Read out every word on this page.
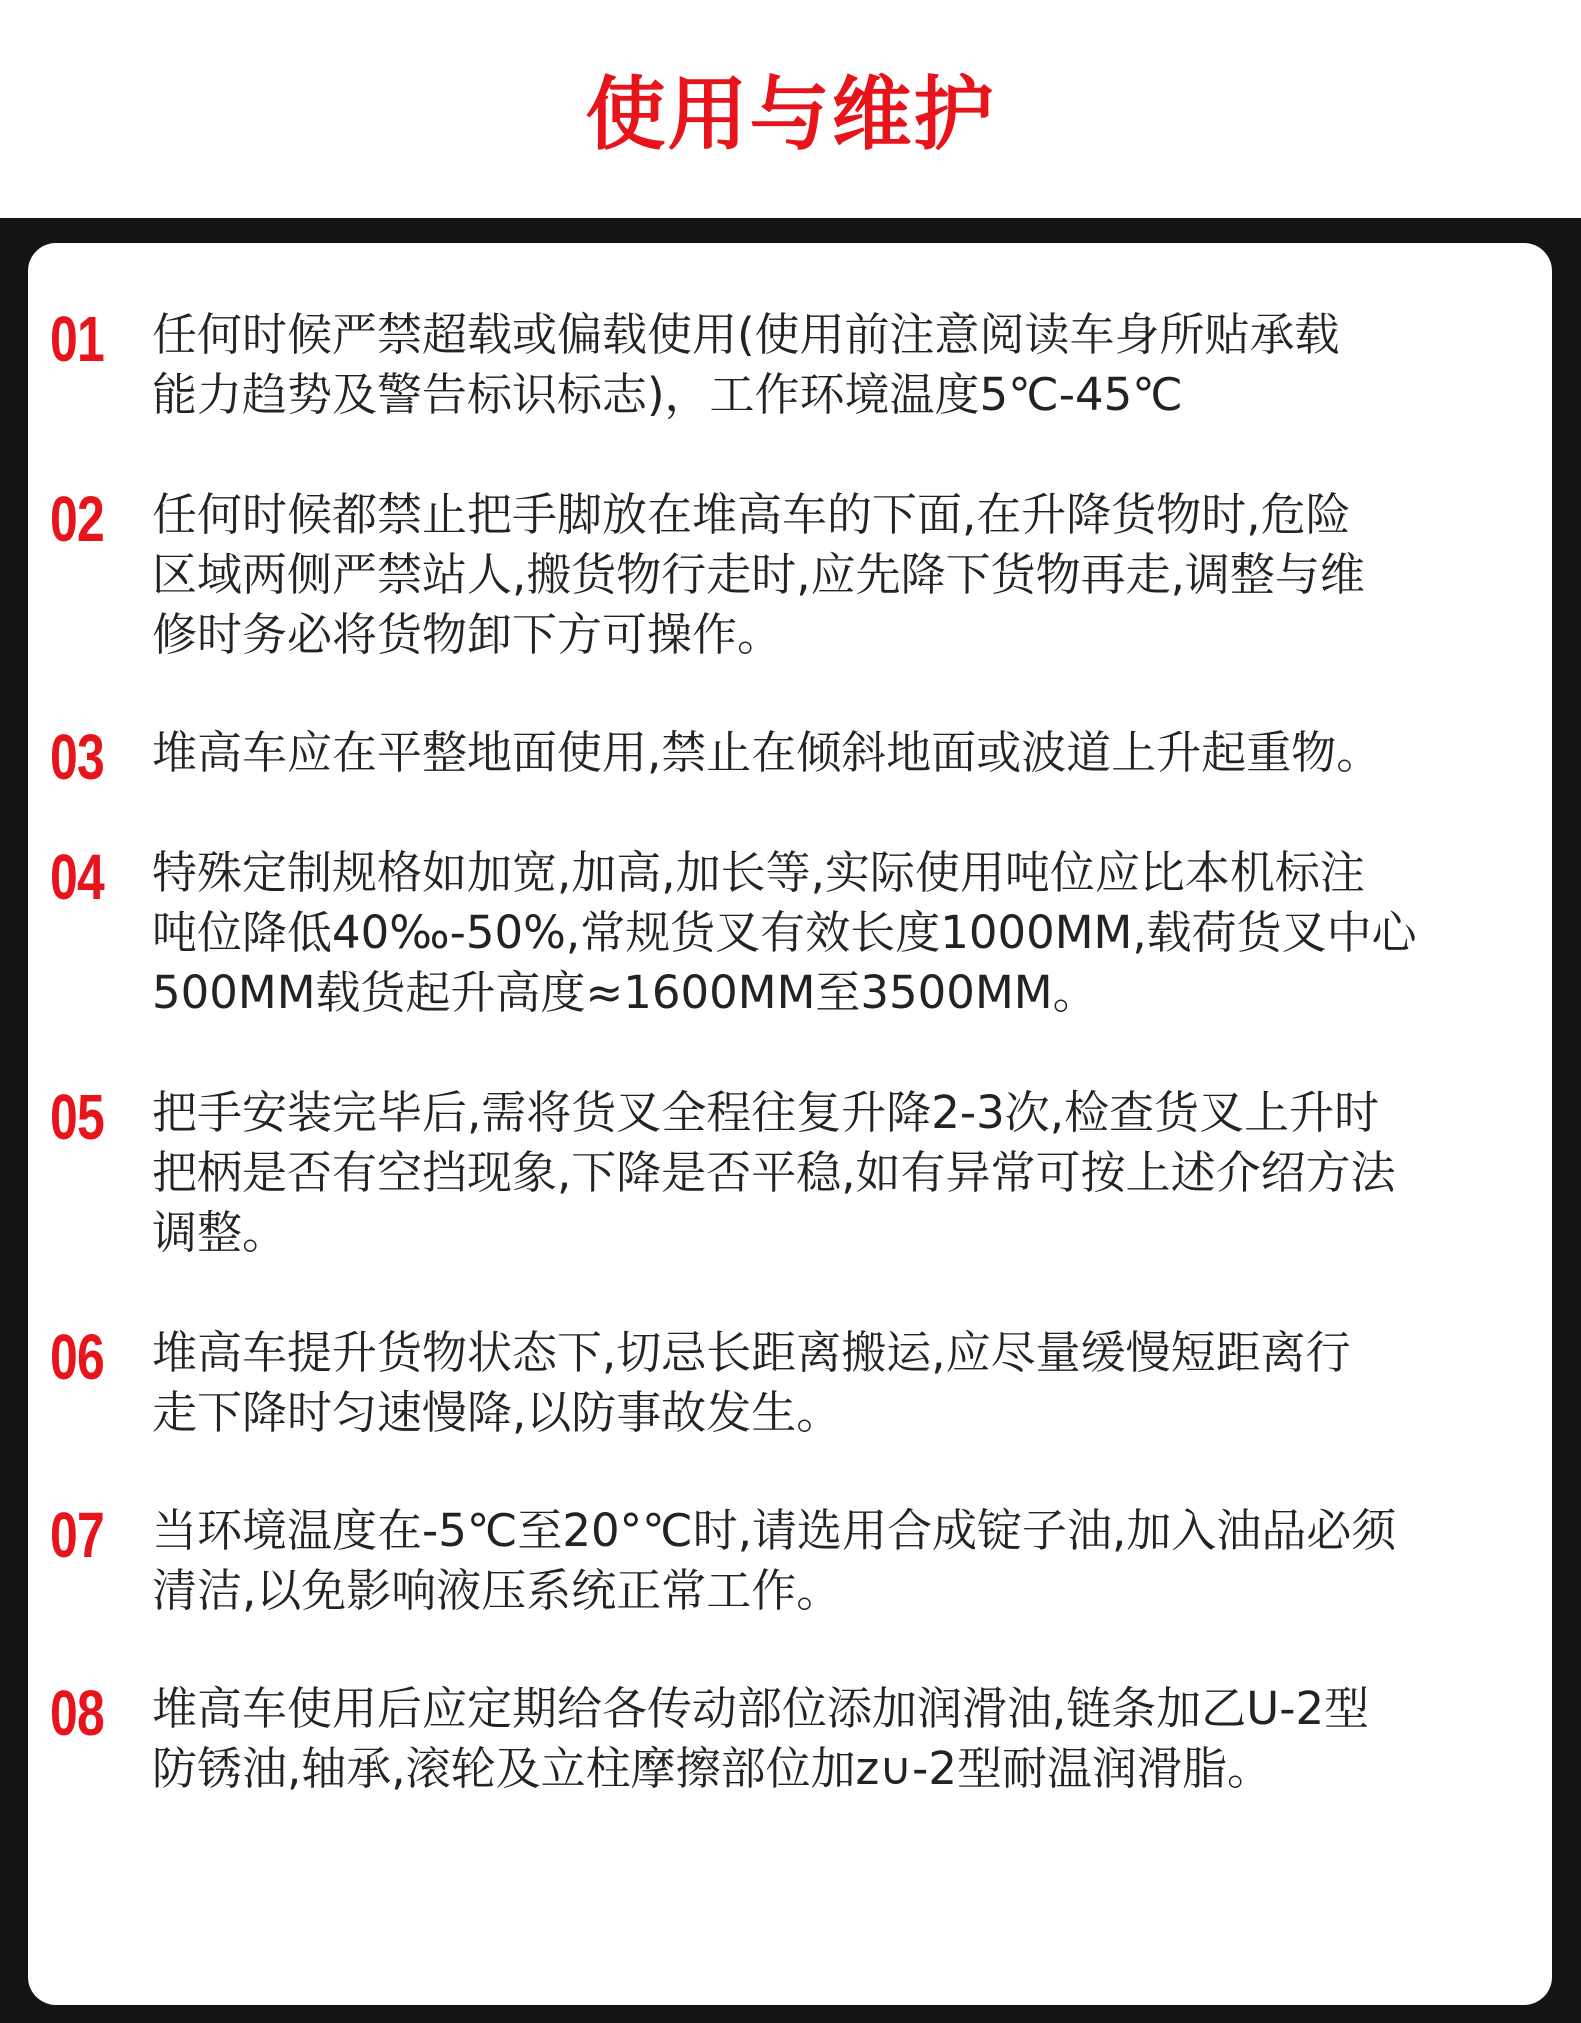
使用与维护
01	任何时候严禁超载或偏载使用(使用前注意阅读车身所贴承载
能力趋势及警告标识标志)，工作环境温度5℃-45℃
02	任何时候都禁止把手脚放在堆高车的下面,在升降货物时,危险
区域两侧严禁站人,搬货物行走时,应先降下货物再走,调整与维
修时务必将货物卸下方可操作。
03	堆高车应在平整地面使用,禁止在倾斜地面或波道上升起重物。
04	特殊定制规格如加宽,加高,加长等,实际使用吨位应比本机标注
吨位降低40‰-50%,常规货叉有效长度1000MM,载荷货叉中心
500MM载货起升高度≈1600MM至3500MM。
05	把手安装完毕后,需将货叉全程往复升降2-3次,检查货叉上升时
把柄是否有空挡现象,下降是否平稳,如有异常可按上述介绍方法
调整。
06	堆高车提升货物状态下,切忌长距离搬运,应尽量缓慢短距离行
走下降时匀速慢降,以防事故发生。
07	当环境温度在-5℃至20°℃时,请选用合成锭子油,加入油品必须
清洁,以免影响液压系统正常工作。
08	堆高车使用后应定期给各传动部位添加润滑油,链条加乙U-2型
防锈油,轴承,滚轮及立柱摩擦部位加z∪-2型耐温润滑脂。
